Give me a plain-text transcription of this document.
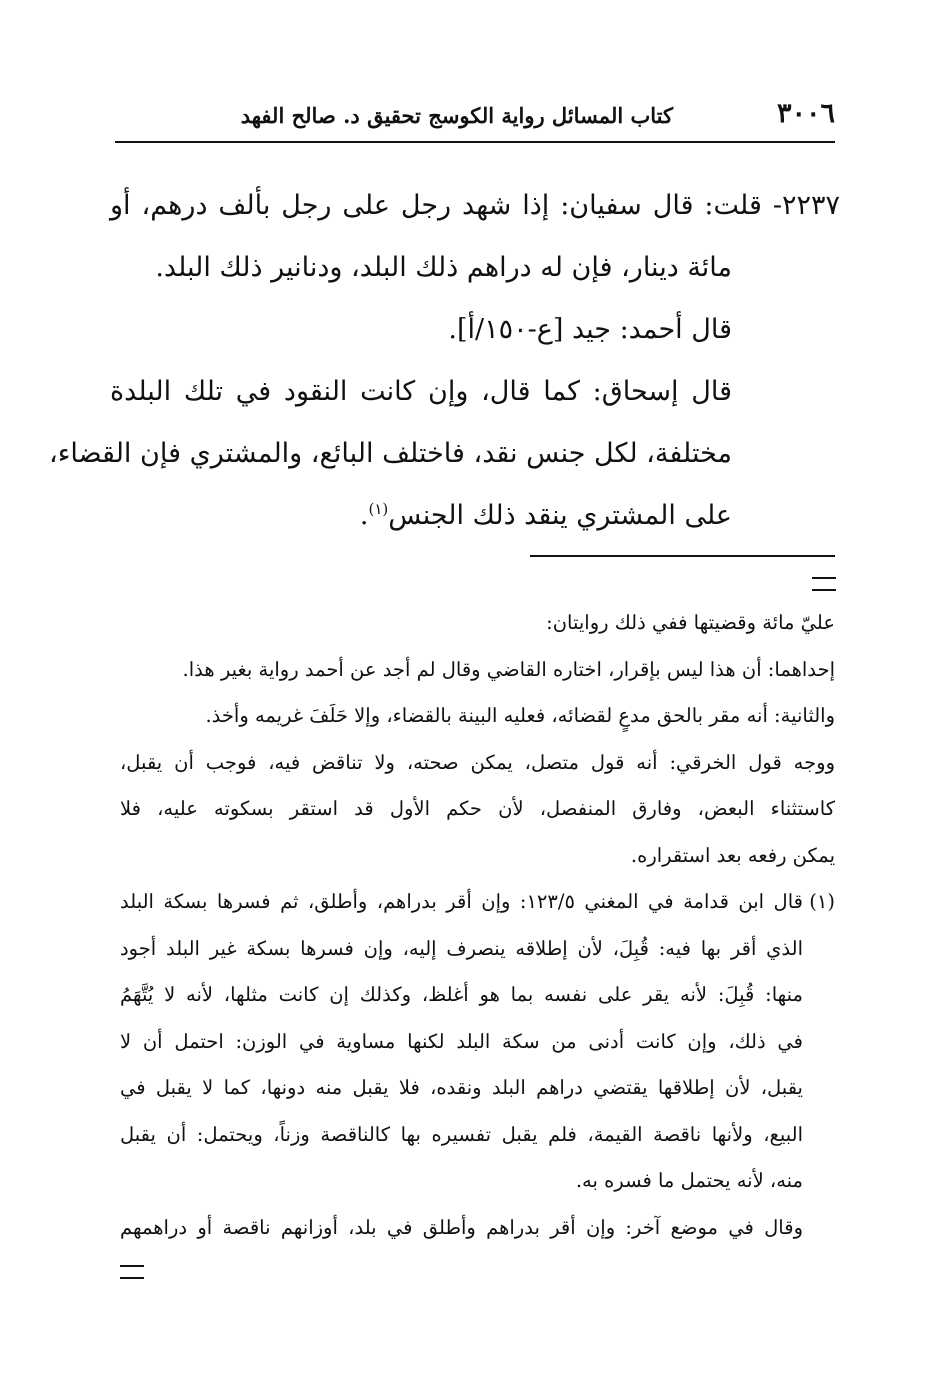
٣٠٠٦
كتاب المسائل رواية الكوسج تحقيق د. صالح الفهد
٢٢٣٧- قلت: قال سفيان: إذا شهد رجل على رجل بألف درهم، أو
مائة دينار، فإن له دراهم ذلك البلد، ودنانير ذلك البلد.
قال أحمد: جيد [ع-١٥٠/أ].
قال إسحاق: كما قال، وإن كانت النقود في تلك البلدة
مختلفة، لكل جنس نقد، فاختلف البائع، والمشتري فإن القضاء،
على المشتري ينقد ذلك الجنس$^{(١)}$.
عليّ مائة وقضيتها ففي ذلك روايتان:
إحداهما: أن هذا ليس بإقرار، اختاره القاضي وقال لم أجد عن أحمد رواية بغير هذا.
والثانية: أنه مقر بالحق مدعٍ لقضائه، فعليه البينة بالقضاء، وإلا حَلَفَ غريمه وأخذ.
ووجه قول الخرقي: أنه قول متصل، يمكن صحته، ولا تناقض فيه، فوجب أن يقبل،
كاستثناء البعض، وفارق المنفصل، لأن حكم الأول قد استقر بسكوته عليه، فلا
يمكن رفعه بعد استقراره.
(١)قال ابن قدامة في المغني ١٢٣/٥: وإن أقر بدراهم، وأطلق، ثم فسرها بسكة البلد
الذي أقر بها فيه: قُبِلَ، لأن إطلاقه ينصرف إليه، وإن فسرها بسكة غير البلد أجود
منها: قُبِلَ: لأنه يقر على نفسه بما هو أغلظ، وكذلك إن كانت مثلها، لأنه لا يُتَّهَمُ
في ذلك، وإن كانت أدنى من سكة البلد لكنها مساوية في الوزن: احتمل أن لا
يقبل، لأن إطلاقها يقتضي دراهم البلد ونقده، فلا يقبل منه دونها، كما لا يقبل في
البيع، ولأنها ناقصة القيمة، فلم يقبل تفسيره بها كالناقصة وزناً، ويحتمل: أن يقبل
منه، لأنه يحتمل ما فسره به.
وقال في موضع آخر: وإن أقر بدراهم وأطلق في بلد، أوزانهم ناقصة أو دراهمهم
